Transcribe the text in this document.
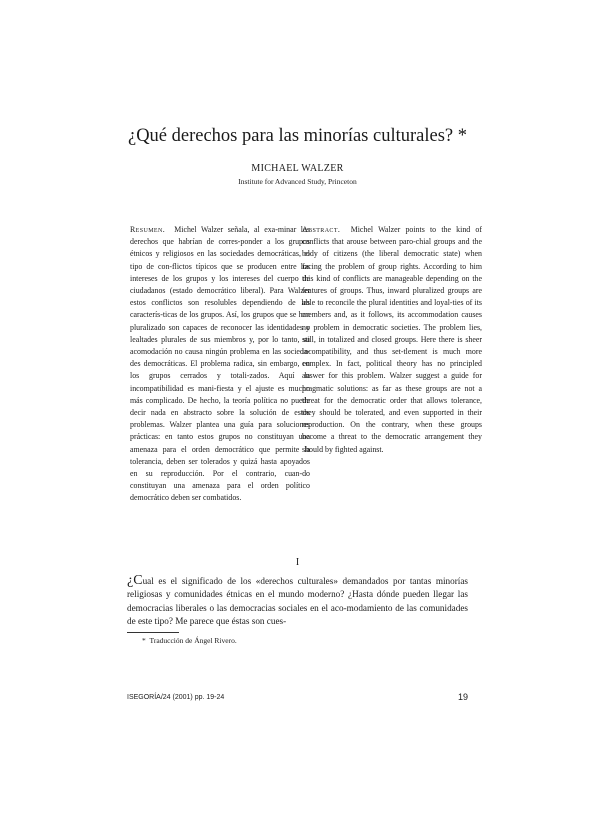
¿Qué derechos para las minorías culturales? *
MICHAEL WALZER
Institute for Advanced Study, Princeton

Resumen. Michel Walzer señala, al exa-minar los derechos que habrían de corres-ponder a los grupos étnicos y religiosos en las sociedades democráticas, el tipo de con-flictos típicos que se producen entre los intereses de los grupos y los intereses del cuerpo de ciudadanos (estado democrático liberal). Para Walzer estos conflictos son resolubles dependiendo de las caracterís-ticas de los grupos. Así, los grupos que se han pluralizado son capaces de reconocer las identidades y lealtades plurales de sus miembros y, por lo tanto, su acomodación no causa ningún problema en las socieda-des democráticas. El problema radica, sin embargo, en los grupos cerrados y totali-zados. Aquí la incompatibilidad es mani-fiesta y el ajuste es mucho más complicado. De hecho, la teoría política no puede decir nada en abstracto sobre la solución de estos problemas. Walzer plantea una guía para soluciones prácticas: en tanto estos grupos no constituyan una amenaza para el orden democrático que permite la tolerancia, deben ser tolerados y quizá hasta apoyados en su reproducción. Por el contrario, cuan-do constituyan una amenaza para el orden político democrático deben ser combatidos.

Abstract. Michel Walzer points to the kind of conflicts that arouse between paro-chial groups and the body of citizens (the liberal democratic state) when facing the problem of group rights. According to him this kind of conflicts are manageable depending on the features of groups. Thus, inward pluralized groups are able to reconcile the plural identities and loyal-ties of its members and, as it follows, its accommodation causes no problem in democratic societies. The problem lies, still, in totalized and closed groups. Here there is sheer incompatibility, and thus set-tlement is much more complex. In fact, political theory has no principled answer for this problem. Walzer suggest a guide for pragmatic solutions: as far as these groups are not a threat for the democratic order that allows tolerance, they should be tolerated, and even supported in their reproduction. On the contrary, when these groups become a threat to the democratic arrangement they should by fighted against.

I

¿Cual es el significado de los «derechos culturales» demandados por tantas minorías religiosas y comunidades étnicas en el mundo moderno? ¿Hasta dónde pueden llegar las democracias liberales o las democracias sociales en el aco-modamiento de las comunidades de este tipo? Me parece que éstas son cues-

* Traducción de Ángel Rivero.
ISEGORÍA/24 (2001) pp. 19-24	19
